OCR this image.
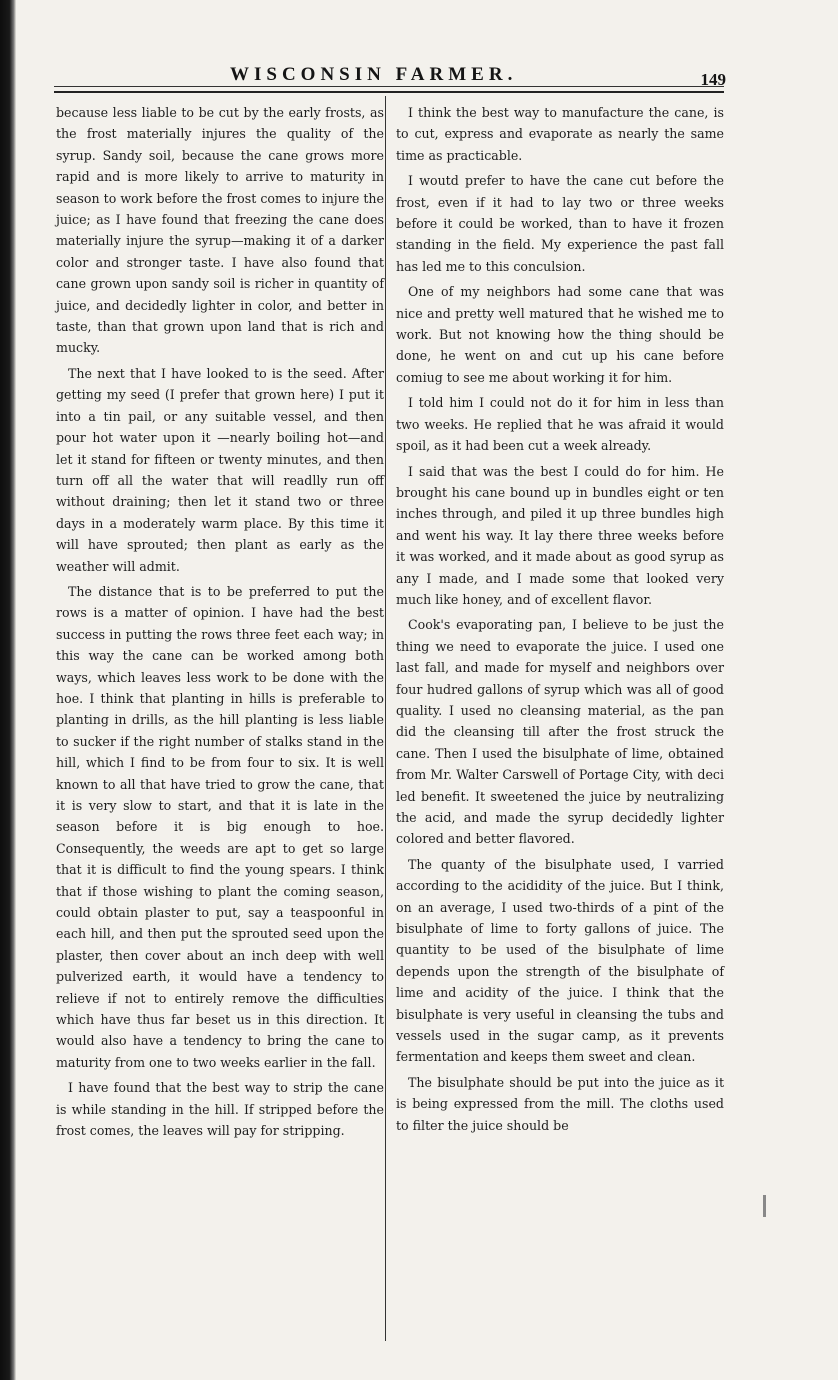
WISCONSIN FARMER.	149

because less liable to be cut by the early frosts, as the frost materially injures the quality of the syrup. Sandy soil, because the cane grows more rapid and is more likely to arrive to maturity in season to work before the frost comes to injure the juice; as I have found that freezing the cane does materially injure the syrup—making it of a darker color and stronger taste. I have also found that cane grown upon sandy soil is richer in quantity of juice, and decidedly lighter in color, and better in taste, than that grown upon land that is rich and mucky.

The next that I have looked to is the seed. After getting my seed (I prefer that grown here) I put it into a tin pail, or any suitable vessel, and then pour hot water upon it —nearly boiling hot—and let it stand for fifteen or twenty minutes, and then turn off all the water that will readlly run off without draining; then let it stand two or three days in a moderately warm place. By this time it will have sprouted; then plant as early as the weather will admit.

The distance that is to be preferred to put the rows is a matter of opinion. I have had the best success in putting the rows three feet each way; in this way the cane can be worked among both ways, which leaves less work to be done with the hoe. I think that planting in hills is preferable to planting in drills, as the hill planting is less liable to sucker if the right number of stalks stand in the hill, which I find to be from four to six. It is well known to all that have tried to grow the cane, that it is very slow to start, and that it is late in the season before it is big enough to hoe. Consequently, the weeds are apt to get so large that it is difficult to find the young spears. I think that if those wishing to plant the coming season, could obtain plaster to put, say a teaspoonful in each hill, and then put the sprouted seed upon the plaster, then cover about an inch deep with well pulverized earth, it would have a tendency to relieve if not to entirely remove the difficulties which have thus far beset us in this direction. It would also have a tendency to bring the cane to maturity from one to two weeks earlier in the fall.

I have found that the best way to strip the cane is while standing in the hill. If stripped before the frost comes, the leaves will pay for stripping.

I think the best way to manufacture the cane, is to cut, express and evaporate as nearly the same time as practicable.

I woutd prefer to have the cane cut before the frost, even if it had to lay two or three weeks before it could be worked, than to have it frozen standing in the field. My experience the past fall has led me to this conculsion.

One of my neighbors had some cane that was nice and pretty well matured that he wished me to work. But not knowing how the thing should be done, he went on and cut up his cane before comiug to see me about working it for him.

I told him I could not do it for him in less than two weeks. He replied that he was afraid it would spoil, as it had been cut a week already.

I said that was the best I could do for him. He brought his cane bound up in bundles eight or ten inches through, and piled it up three bundles high and went his way. It lay there three weeks before it was worked, and it made about as good syrup as any I made, and I made some that looked very much like honey, and of excellent flavor.

Cook's evaporating pan, I believe to be just the thing we need to evaporate the juice. I used one last fall, and made for myself and neighbors over four hudred gallons of syrup which was all of good quality. I used no cleansing material, as the pan did the cleansing till after the frost struck the cane. Then I used the bisulphate of lime, obtained from Mr. Walter Carswell of Portage City, with deci led benefit. It sweetened the juice by neutralizing the acid, and made the syrup decidedly lighter colored and better flavored.

The quanty of the bisulphate used, I varried according to the acididity of the juice. But I think, on an average, I used two-thirds of a pint of the bisulphate of lime to forty gallons of juice. The quantity to be used of the bisulphate of lime depends upon the strength of the bisulphate of lime and acidity of the juice. I think that the bisulphate is very useful in cleansing the tubs and vessels used in the sugar camp, as it prevents fermentation and keeps them sweet and clean.

The bisulphate should be put into the juice as it is being expressed from the mill. The cloths used to filter the juice should be
